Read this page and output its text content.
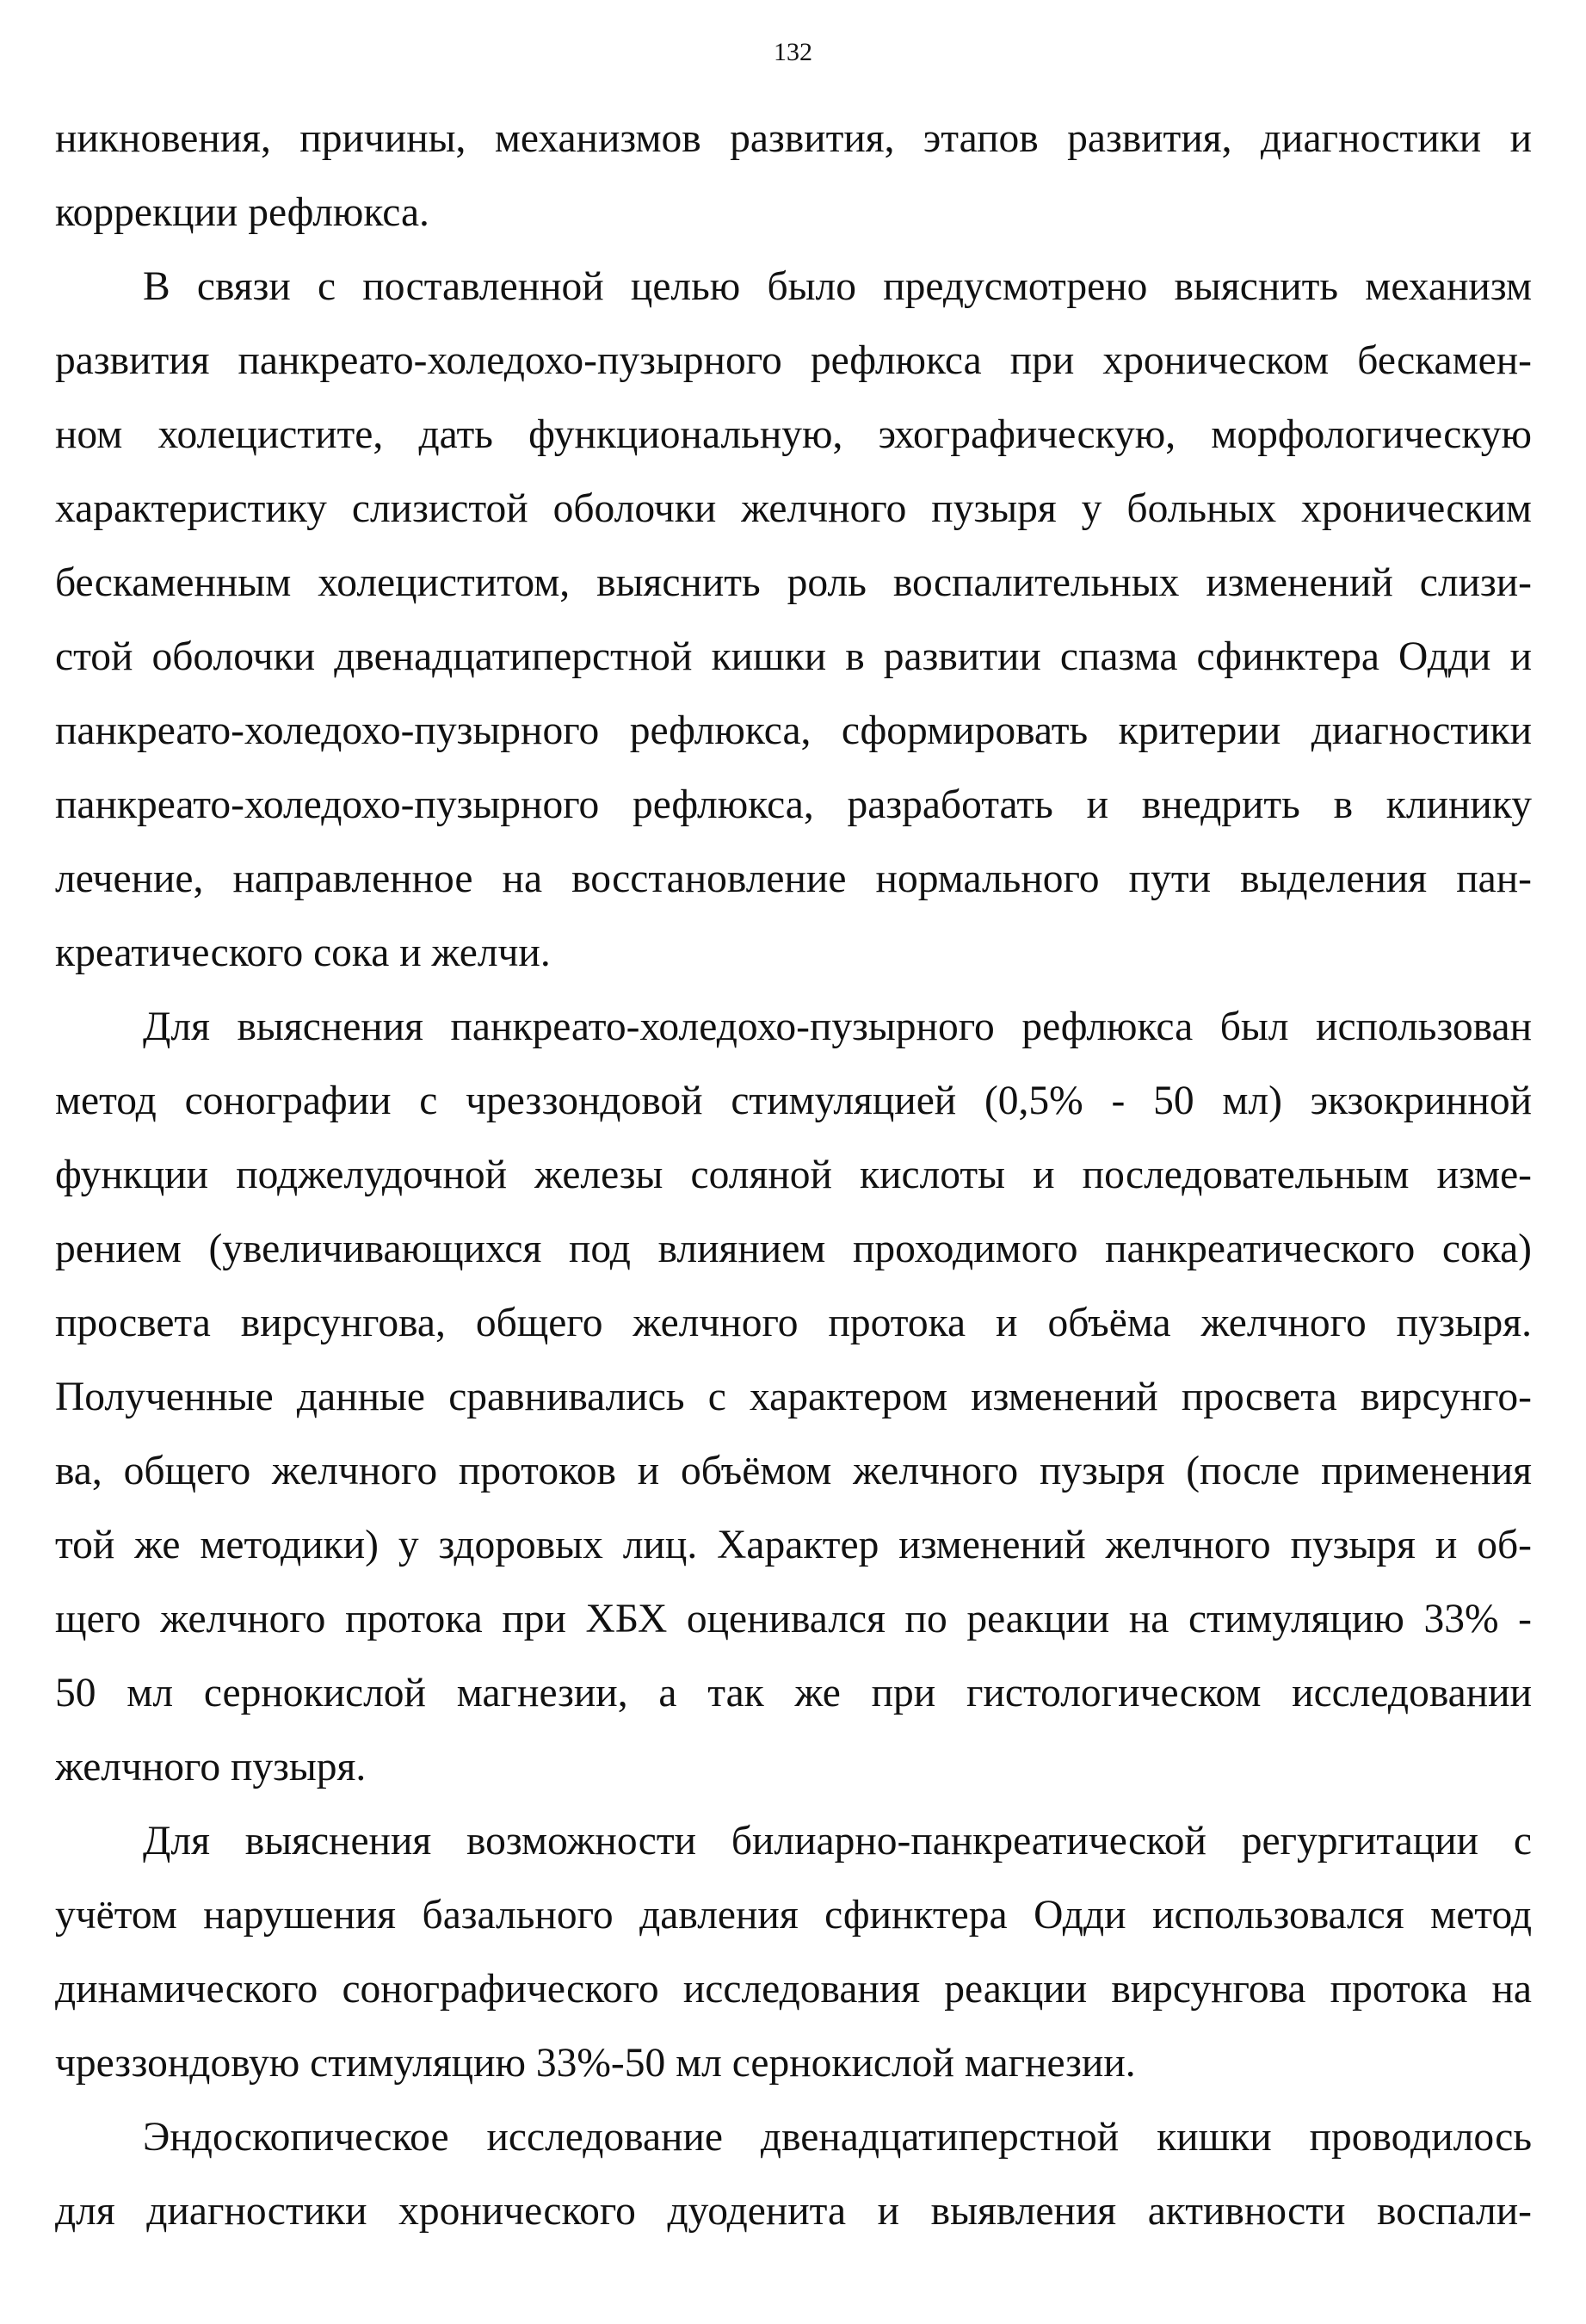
132
никновения, причины, механизмов развития, этапов развития, диагностики и
коррекции рефлюкса.
В связи с поставленной целью было предусмотрено выяснить механизм
развития панкреато-холедохо-пузырного рефлюкса при хроническом бескамен-
ном холецистите, дать функциональную, эхографическую, морфологическую
характеристику слизистой оболочки желчного пузыря у больных хроническим
бескаменным холециститом, выяснить роль воспалительных изменений слизи-
стой оболочки двенадцатиперстной кишки в развитии спазма сфинктера Одди и
панкреато-холедохо-пузырного рефлюкса, сформировать критерии диагностики
панкреато-холедохо-пузырного рефлюкса, разработать и внедрить в клинику
лечение, направленное на восстановление нормального пути выделения пан-
креатического сока и желчи.
Для выяснения панкреато-холедохо-пузырного рефлюкса был использован
метод сонографии с чреззондовой стимуляцией (0,5% - 50 мл) экзокринной
функции поджелудочной железы соляной кислоты и последовательным изме-
рением (увеличивающихся под влиянием проходимого панкреатического сока)
просвета вирсунгова, общего желчного протока и объёма желчного пузыря.
Полученные данные сравнивались с характером изменений просвета вирсунго-
ва, общего желчного протоков и объёмом желчного пузыря (после применения
той же методики) у здоровых лиц. Характер изменений желчного пузыря и об-
щего желчного протока при ХБХ оценивался по реакции на стимуляцию 33% -
50 мл сернокислой магнезии, а так же при гистологическом исследовании
желчного пузыря.
Для выяснения возможности билиарно-панкреатической регургитации с
учётом нарушения базального давления сфинктера Одди использовался метод
динамического сонографического исследования реакции вирсунгова протока на
чреззондовую стимуляцию 33%-50 мл сернокислой магнезии.
Эндоскопическое исследование двенадцатиперстной кишки проводилось
для диагностики хронического дуоденита и выявления активности воспали-
